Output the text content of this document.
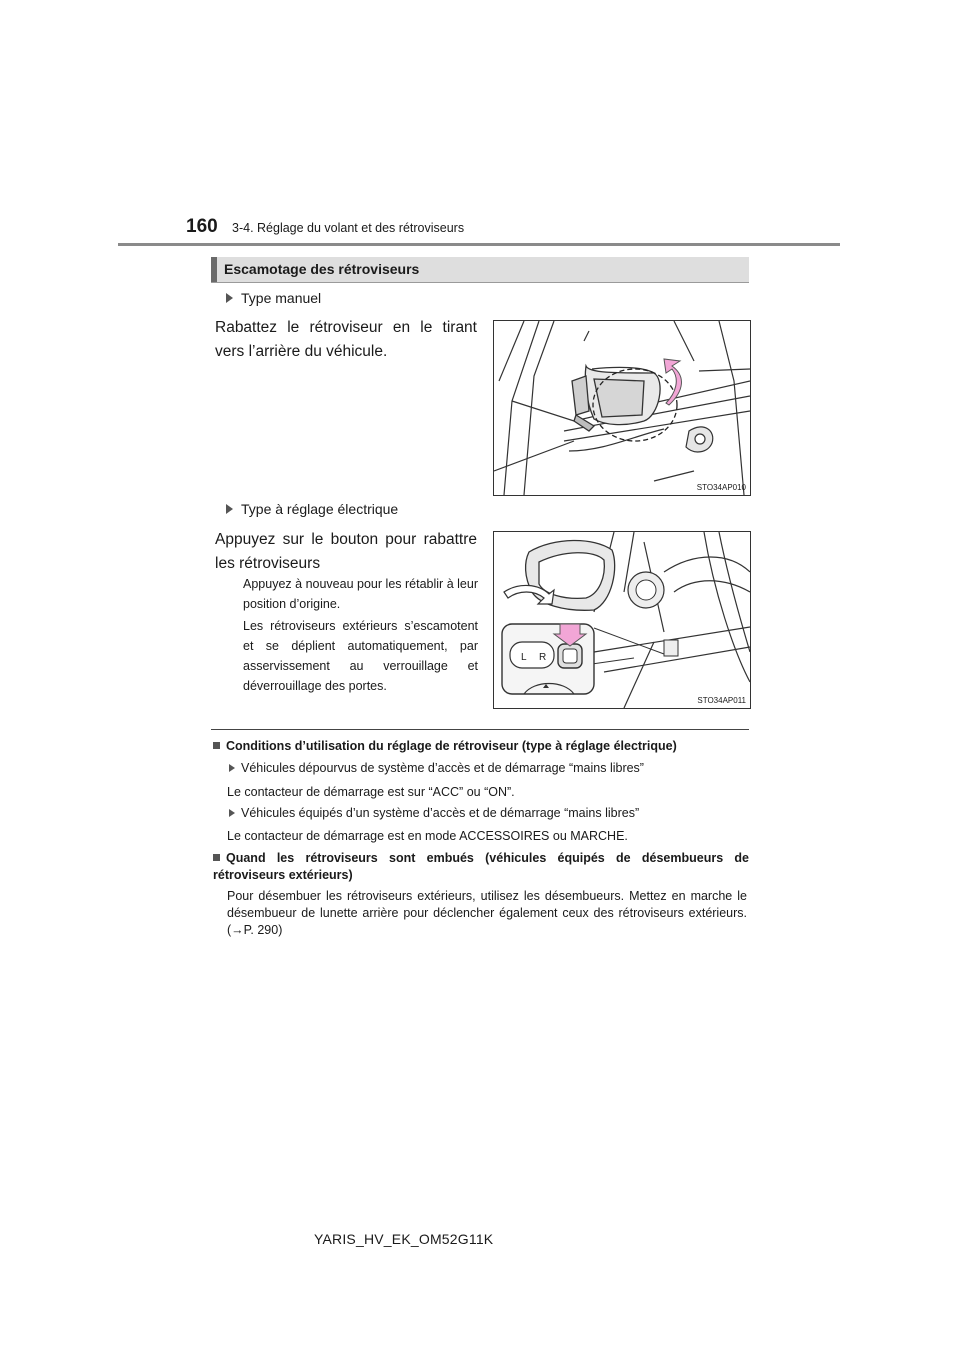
160 3-4. Réglage du volant et des rétroviseurs
Escamotage des rétroviseurs
Type manuel
Rabattez le rétroviseur en le tirant vers l’arrière du véhicule.
STO34AP010
Type à réglage électrique
Appuyez sur le bouton pour rabattre les rétroviseurs
Appuyez à nouveau pour les rétablir à leur position d’origine.
Les rétroviseurs extérieurs s’escamotent et se déplient automatiquement, par asservissement au verrouillage et déverrouillage des portes.
L R
STO34AP011
Conditions d’utilisation du réglage de rétroviseur (type à réglage électrique)
Véhicules dépourvus de système d’accès et de démarrage “mains libres”
Le contacteur de démarrage est sur “ACC” ou “ON”.
Véhicules équipés d’un système d’accès et de démarrage “mains libres”
Le contacteur de démarrage est en mode ACCESSOIRES ou MARCHE.
Quand les rétroviseurs sont embués (véhicules équipés de désembueurs de rétroviseurs extérieurs)
Pour désembuer les rétroviseurs extérieurs, utilisez les désembueurs. Mettez en marche le désembueur de lunette arrière pour déclencher également ceux des rétroviseurs extérieurs. (→P. 290)
YARIS_HV_EK_OM52G11K
